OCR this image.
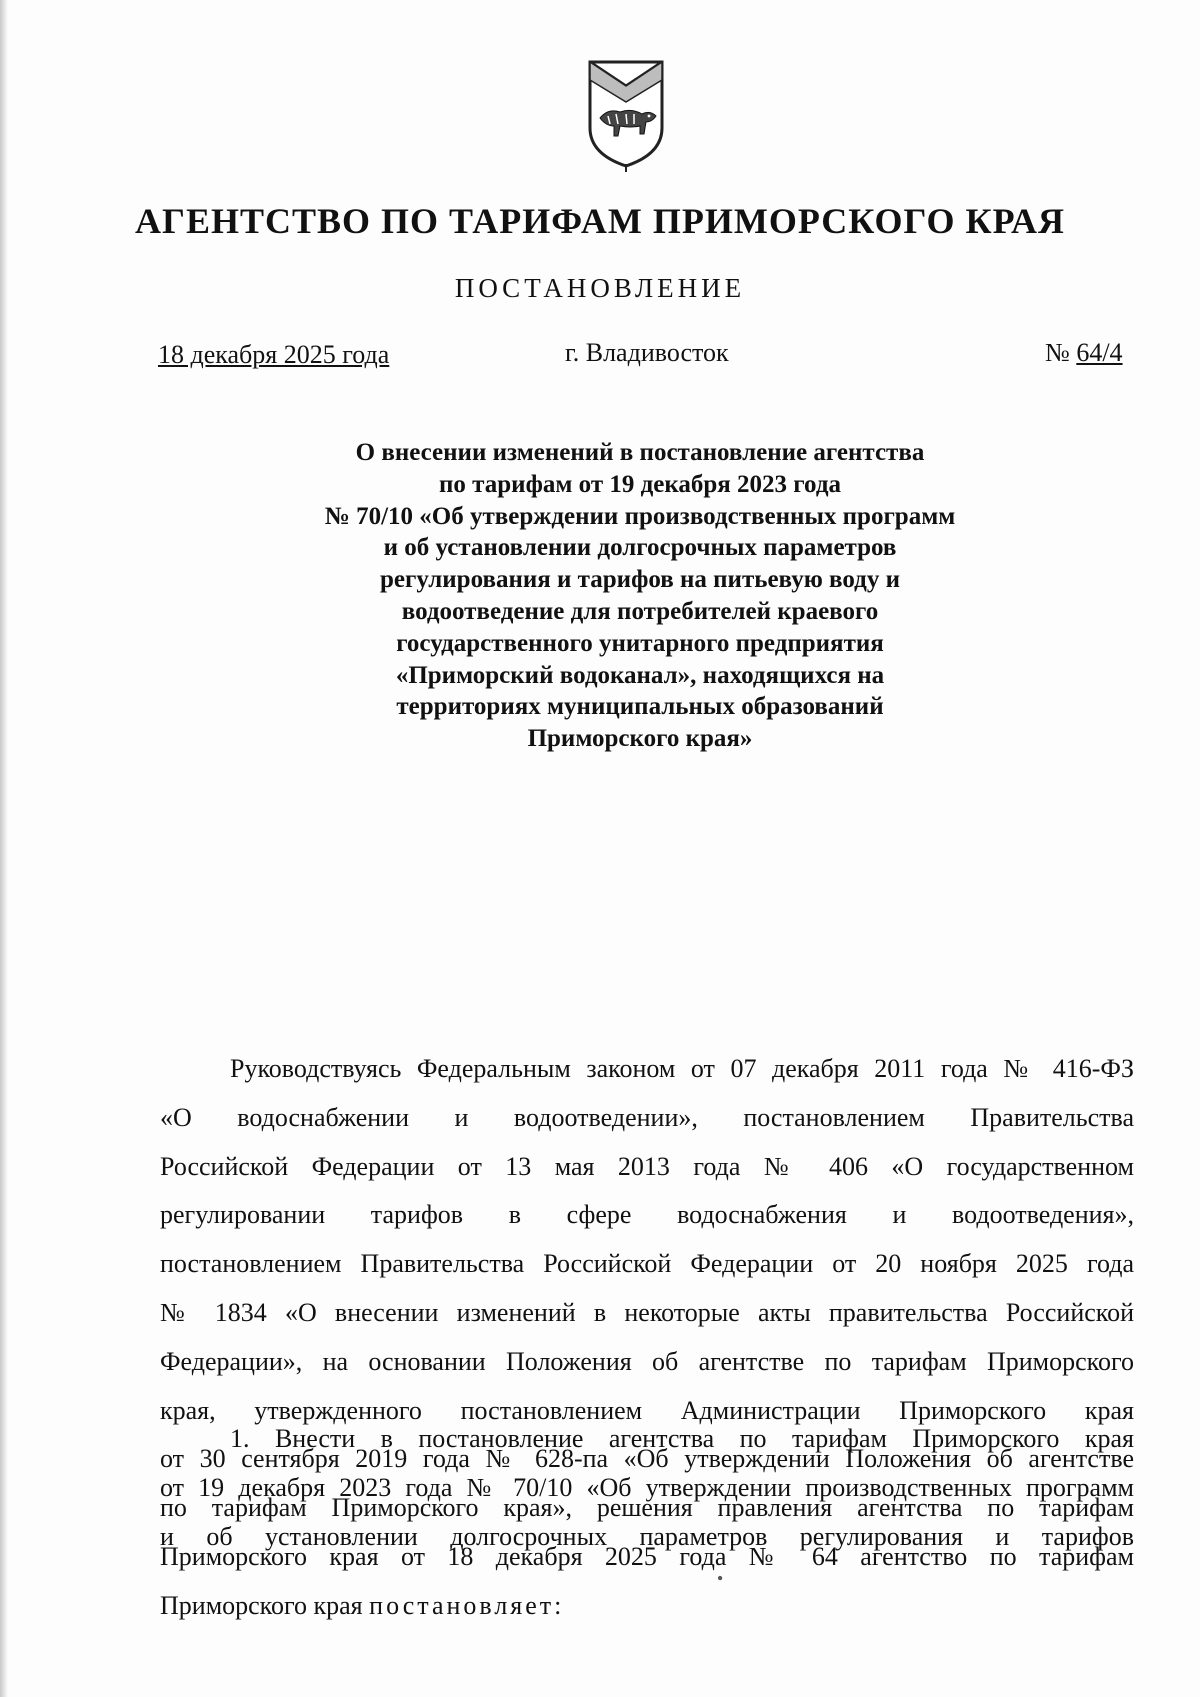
АГЕНТСТВО ПО ТАРИФАМ ПРИМОРСКОГО КРАЯ
ПОСТАНОВЛЕНИЕ
18 декабря 2025 года	г. Владивосток	№ 64/4
О внесении изменений в постановление агентства
по тарифам от 19 декабря 2023 года
№ 70/10 «Об утверждении производственных программ
и об установлении долгосрочных параметров
регулирования и тарифов на питьевую воду и
водоотведение для потребителей краевого
государственного унитарного предприятия
«Приморский водоканал», находящихся на
территориях муниципальных образований
Приморского края»
Руководствуясь Федеральным законом от 07 декабря 2011 года № 416-ФЗ
«О водоснабжении и водоотведении», постановлением Правительства
Российской Федерации от 13 мая 2013 года № 406 «О государственном
регулировании тарифов в сфере водоснабжения и водоотведения»,
постановлением Правительства Российской Федерации от 20 ноября 2025 года
№ 1834 «О внесении изменений в некоторые акты правительства Российской
Федерации», на основании Положения об агентстве по тарифам Приморского
края, утвержденного постановлением Администрации Приморского края
от 30 сентября 2019 года № 628-па «Об утверждении Положения об агентстве
по тарифам Приморского края», решения правления агентства по тарифам
Приморского края от 18 декабря 2025 года № 64 агентство по тарифам
Приморского края постановляет:
1. Внести в постановление агентства по тарифам Приморского края
от 19 декабря 2023 года № 70/10 «Об утверждении производственных программ
и об установлении долгосрочных параметров регулирования и тарифов
•
